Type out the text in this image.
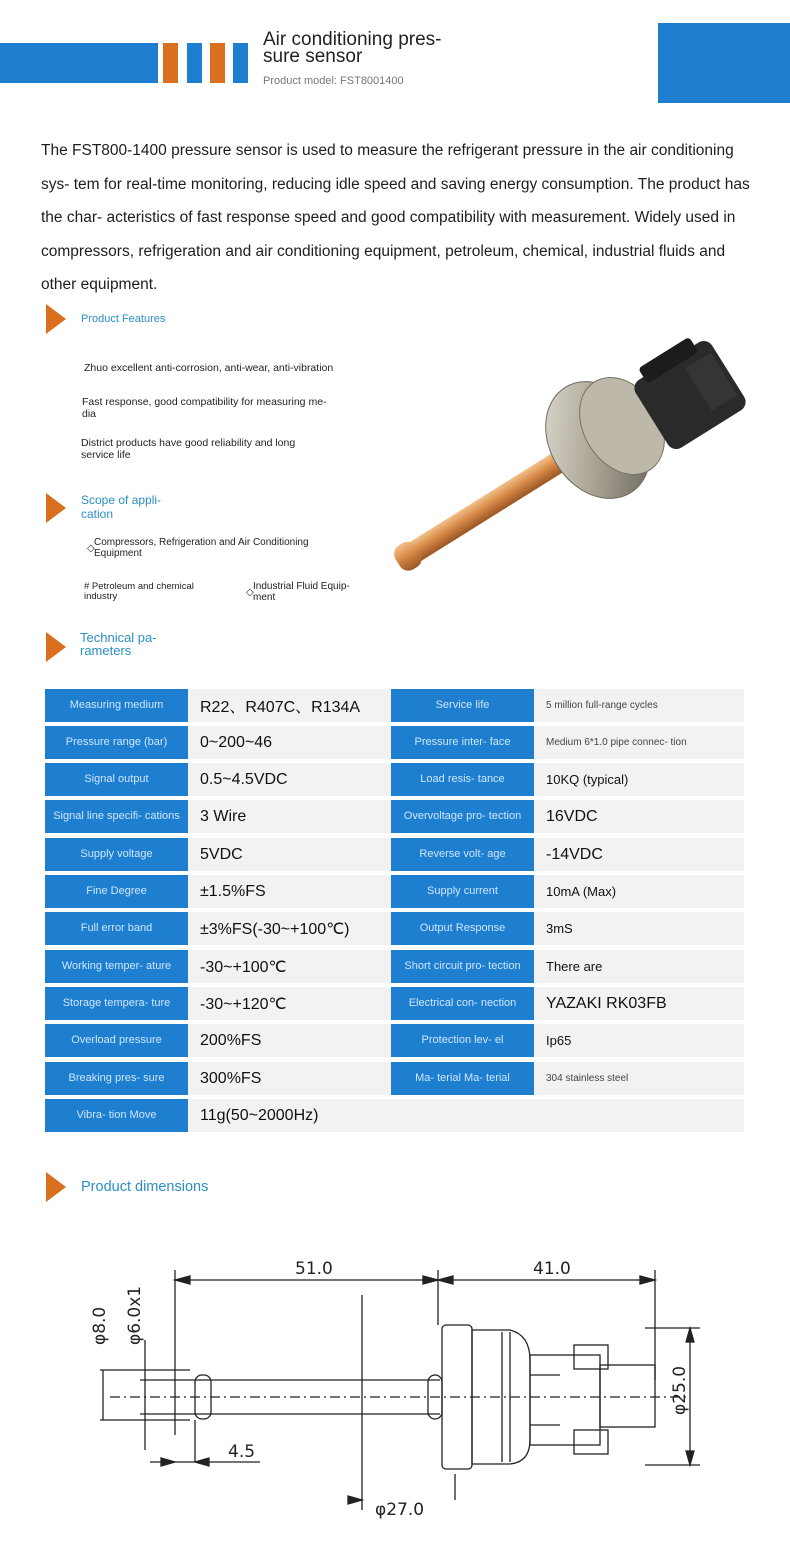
Air conditioning pres- sure sensor
Product model: FST8001400
The FST800-1400 pressure sensor is used to measure the refrigerant pressure in the air conditioning sys- tem for real-time monitoring, reducing idle speed and saving energy consumption. The product has the char- acteristics of fast response speed and good compatibility with measurement. Widely used in compressors, refrigeration and air conditioning equipment, petroleum, chemical, industrial fluids and other equipment.
Product Features
Zhuo excellent anti-corrosion, anti-wear, anti-vibration
Fast response, good compatibility for measuring me- dia
District products have good reliability and long service life
Scope of appli- cation
◇
Compressors, Refrigeration and Air Conditioning Equipment
# Petroleum and chemical industry	◇
Industrial Fluid Equip- ment
Technical pa- rameters
Measuring medium	R22、R407C、R134A	Service life	5 million full-range cycles
Pressure range (bar)	0~200~46	Pressure inter- face	Medium 6*1.0 pipe connec- tion
Signal output	0.5~4.5VDC	Load resis- tance	10KQ (typical)
Signal line specifi- cations	3 Wire	Overvoltage pro- tection	16VDC
Supply voltage	5VDC	Reverse volt- age	-14VDC
Fine Degree	±1.5%FS	Supply current	10mA (Max)
Full error band	±3%FS(-30~+100℃)	Output Response	3mS
Working temper- ature	-30~+100℃	Short circuit pro- tection	There are
Storage tempera- ture	-30~+120℃	Electrical con- nection	YAZAKI RK03FB
Overload pressure	200%FS	Protection lev- el	Ip65
Breaking pres- sure	300%FS	Ma- terial Ma- terial	304 stainless steel
Vibra- tion Move	11g(50~2000Hz)
Product dimensions
51.0	41.0
φ8.0 φ6.0x1
φ25.0
φ27.0
4.5
